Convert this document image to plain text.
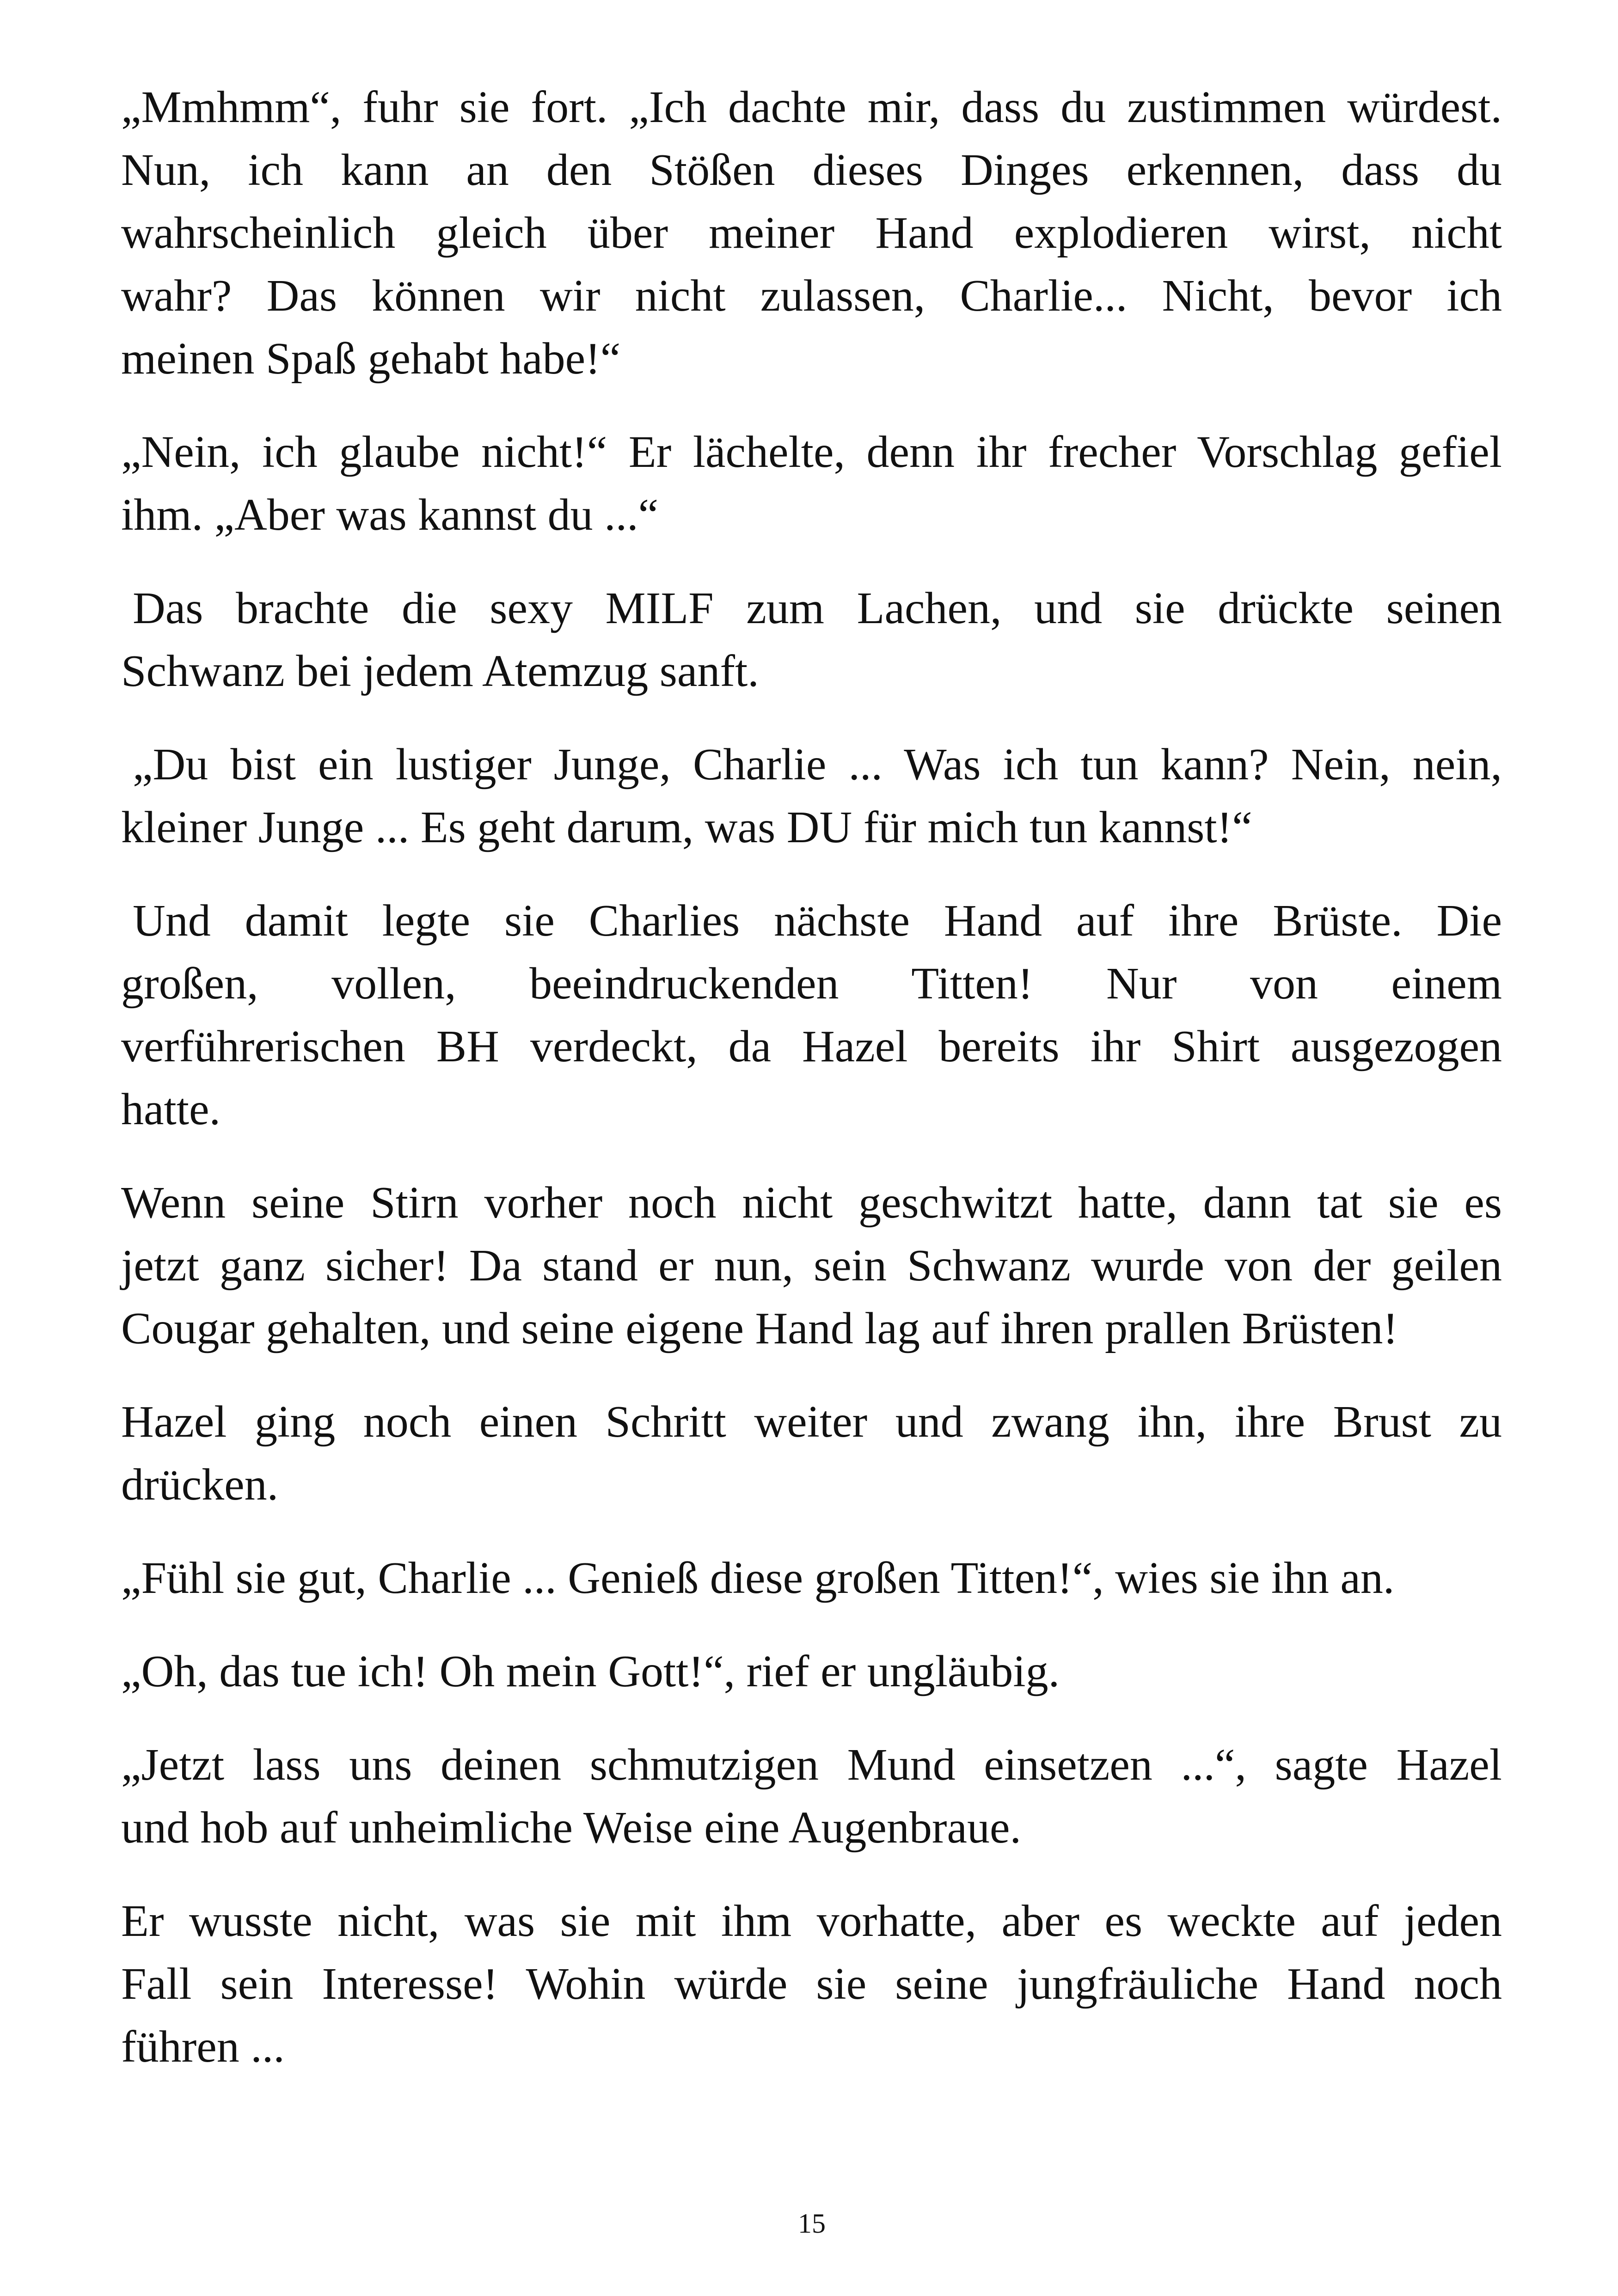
„Mmhmm“, fuhr sie fort. „Ich dachte mir, dass du zustimmen würdest.
Nun, ich kann an den Stößen dieses Dinges erkennen, dass du
wahrscheinlich gleich über meiner Hand explodieren wirst, nicht
wahr? Das können wir nicht zulassen, Charlie... Nicht, bevor ich
meinen Spaß gehabt habe!“
„Nein, ich glaube nicht!“ Er lächelte, denn ihr frecher Vorschlag gefiel
ihm. „Aber was kannst du ...“
Das brachte die sexy MILF zum Lachen, und sie drückte seinen
Schwanz bei jedem Atemzug sanft.
„Du bist ein lustiger Junge, Charlie ... Was ich tun kann? Nein, nein,
kleiner Junge ... Es geht darum, was DU für mich tun kannst!“
Und damit legte sie Charlies nächste Hand auf ihre Brüste. Die
großen, vollen, beeindruckenden Titten! Nur von einem
verführerischen BH verdeckt, da Hazel bereits ihr Shirt ausgezogen
hatte.
Wenn seine Stirn vorher noch nicht geschwitzt hatte, dann tat sie es
jetzt ganz sicher! Da stand er nun, sein Schwanz wurde von der geilen
Cougar gehalten, und seine eigene Hand lag auf ihren prallen Brüsten!
Hazel ging noch einen Schritt weiter und zwang ihn, ihre Brust zu
drücken.
„Fühl sie gut, Charlie ... Genieß diese großen Titten!“, wies sie ihn an.
„Oh, das tue ich! Oh mein Gott!“, rief er ungläubig.
„Jetzt lass uns deinen schmutzigen Mund einsetzen ...“, sagte Hazel
und hob auf unheimliche Weise eine Augenbraue.
Er wusste nicht, was sie mit ihm vorhatte, aber es weckte auf jeden
Fall sein Interesse! Wohin würde sie seine jungfräuliche Hand noch
führen ...
15
